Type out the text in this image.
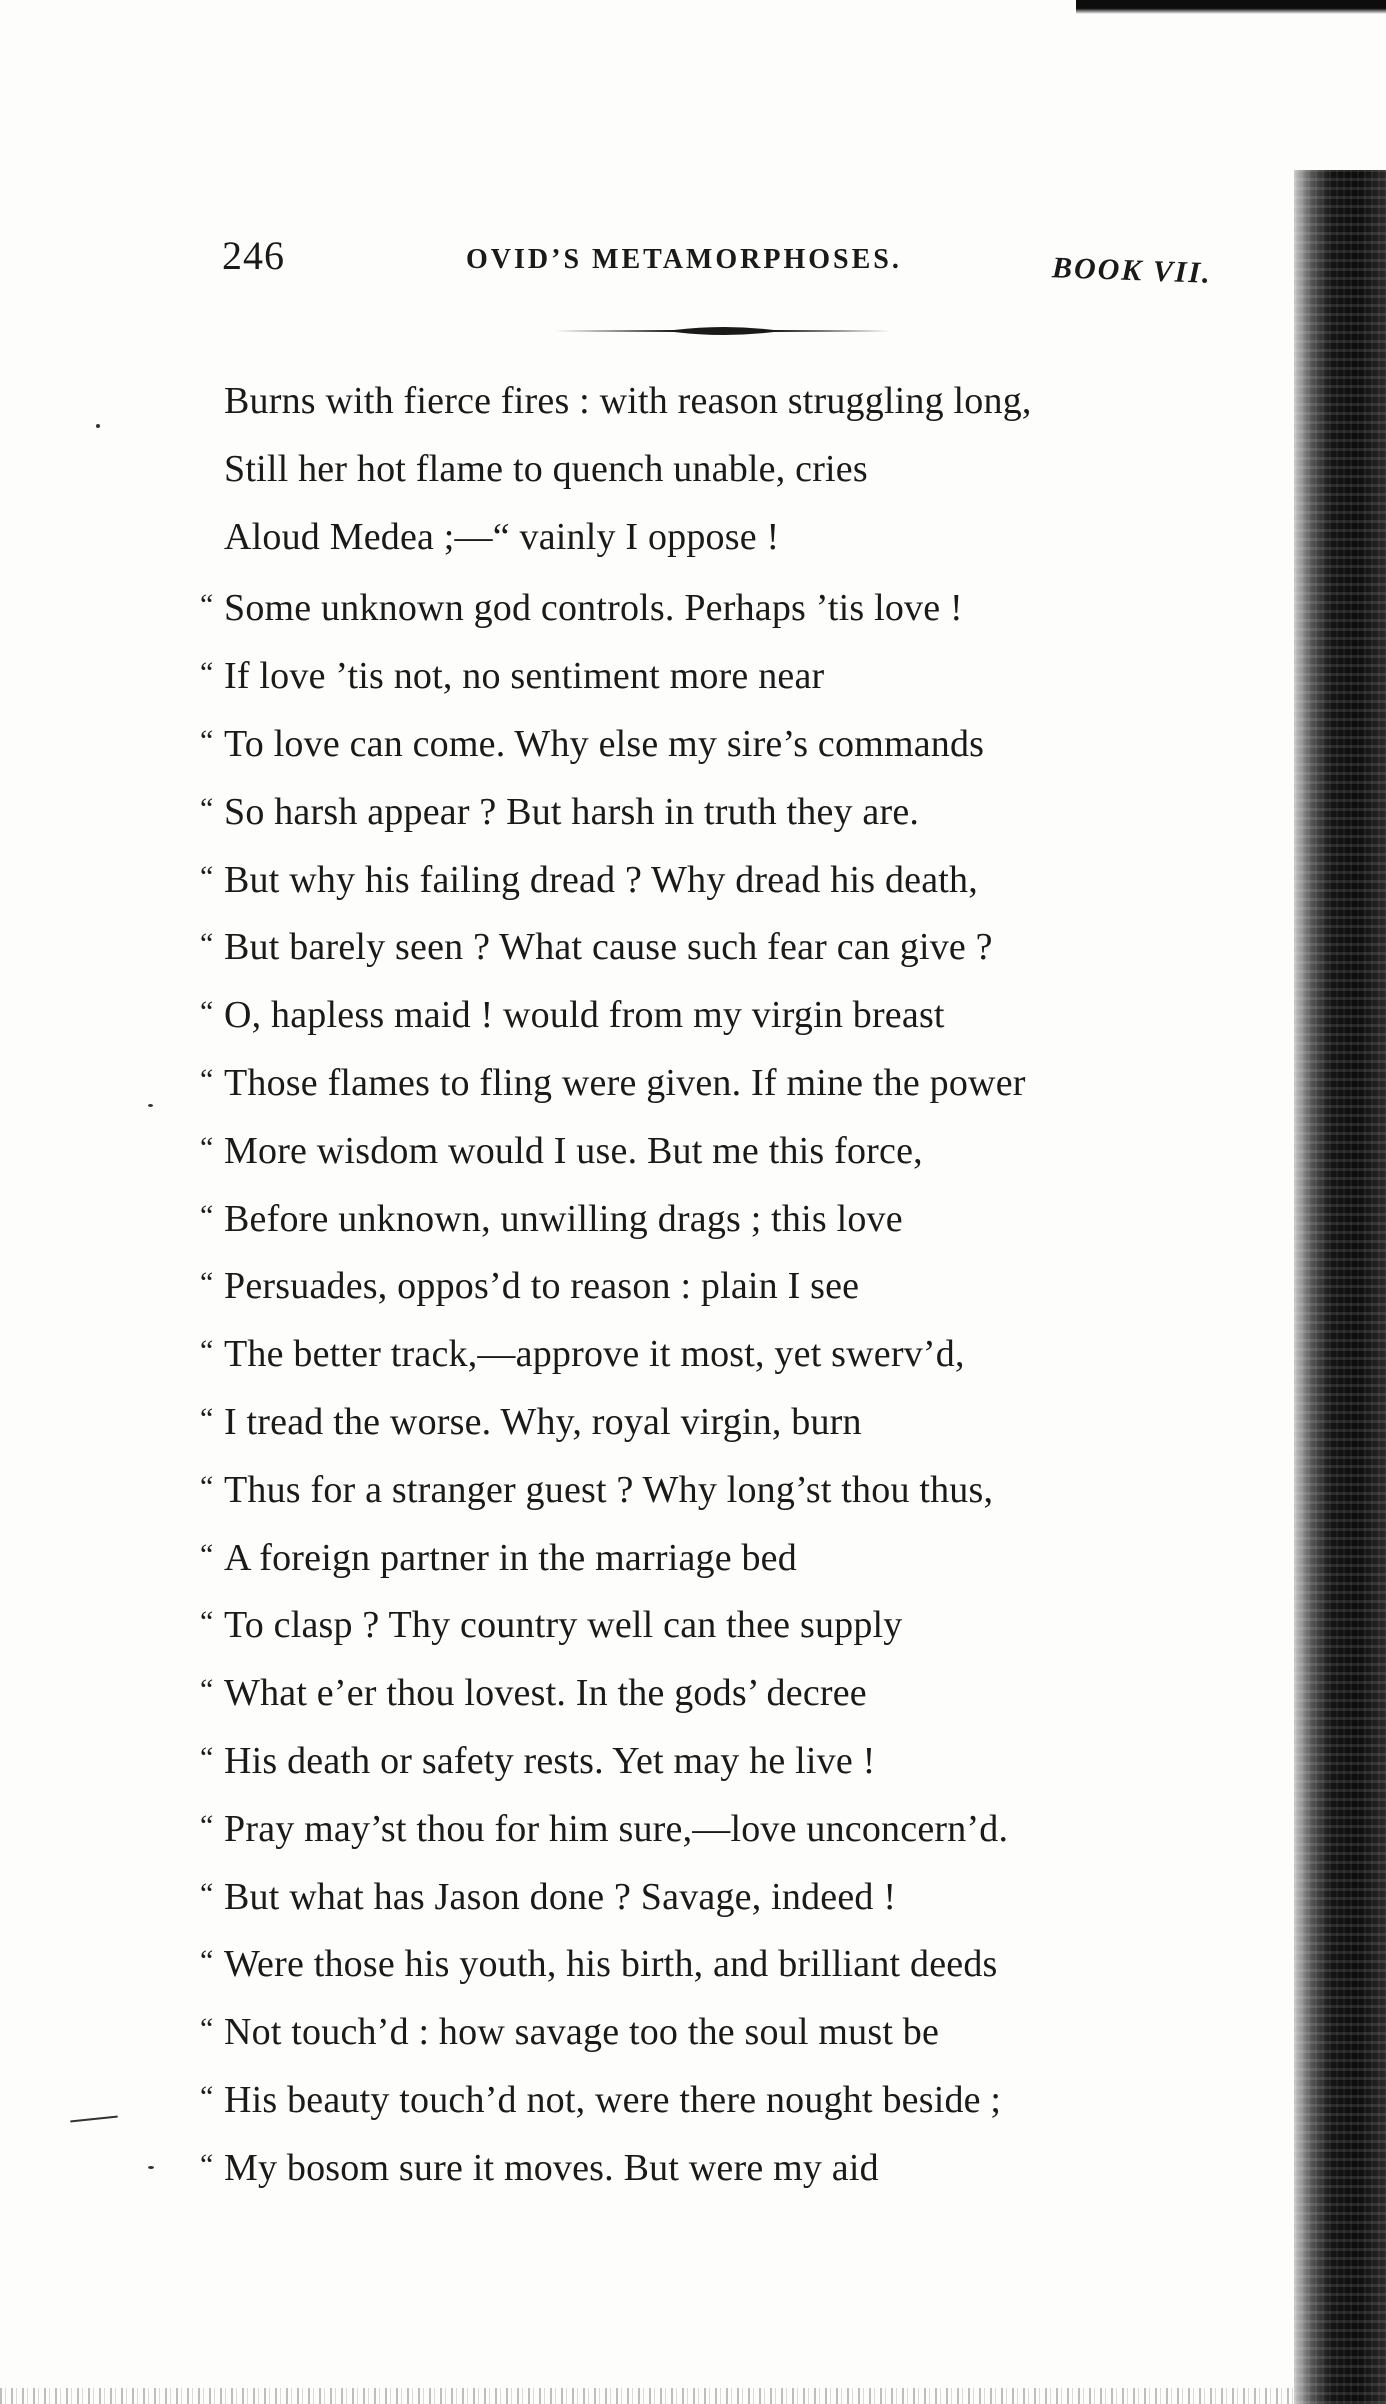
246	OVID’S METAMORPHOSES.	BOOK VII.
Burns with fierce fires : with reason struggling long,
Still her hot flame to quench unable, cries
Aloud Medea ;—“ vainly I oppose !
“ Some unknown god controls. Perhaps ’tis love !
“ If love ’tis not, no sentiment more near
“ To love can come. Why else my sire’s commands
“ So harsh appear ? But harsh in truth they are.
“ But why his failing dread ? Why dread his death,
“ But barely seen ? What cause such fear can give ?
“ O, hapless maid ! would from my virgin breast
“ Those flames to fling were given. If mine the power
“ More wisdom would I use. But me this force,
“ Before unknown, unwilling drags ; this love
“ Persuades, oppos’d to reason : plain I see
“ The better track,—approve it most, yet swerv’d,
“ I tread the worse. Why, royal virgin, burn
“ Thus for a stranger guest ? Why long’st thou thus,
“ A foreign partner in the marriage bed
“ To clasp ? Thy country well can thee supply
“ What e’er thou lovest. In the gods’ decree
“ His death or safety rests. Yet may he live !
“ Pray may’st thou for him sure,—love unconcern’d.
“ But what has Jason done ? Savage, indeed !
“ Were those his youth, his birth, and brilliant deeds
“ Not touch’d : how savage too the soul must be
“ His beauty touch’d not, were there nought beside ;
“ My bosom sure it moves. But were my aid
